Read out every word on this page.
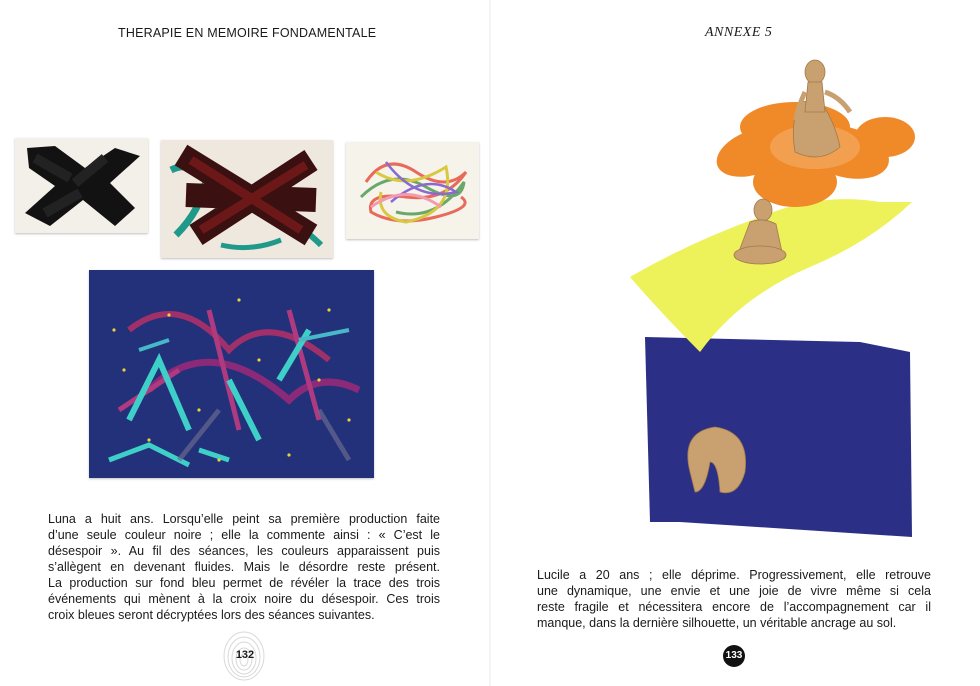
THERAPIE EN MEMOIRE FONDAMENTALE	ANNEXE 5
Luna a huit ans. Lorsqu’elle peint sa première production faite
d’une seule couleur noire ; elle la commente ainsi : « C’est le
désespoir ». Au fil des séances, les couleurs apparaissent puis
s’allègent en devenant fluides. Mais le désordre reste présent.
La production sur fond bleu permet de révéler la trace des trois
événements qui mènent à la croix noire du désespoir. Ces trois
croix bleues seront décryptées lors des séances suivantes.
132
Lucile a 20 ans ; elle déprime. Progressivement, elle retrouve
une dynamique, une envie et une joie de vivre même si cela
reste fragile et nécessitera encore de l’accompagnement car il
manque, dans la dernière silhouette, un véritable ancrage au sol.
133
